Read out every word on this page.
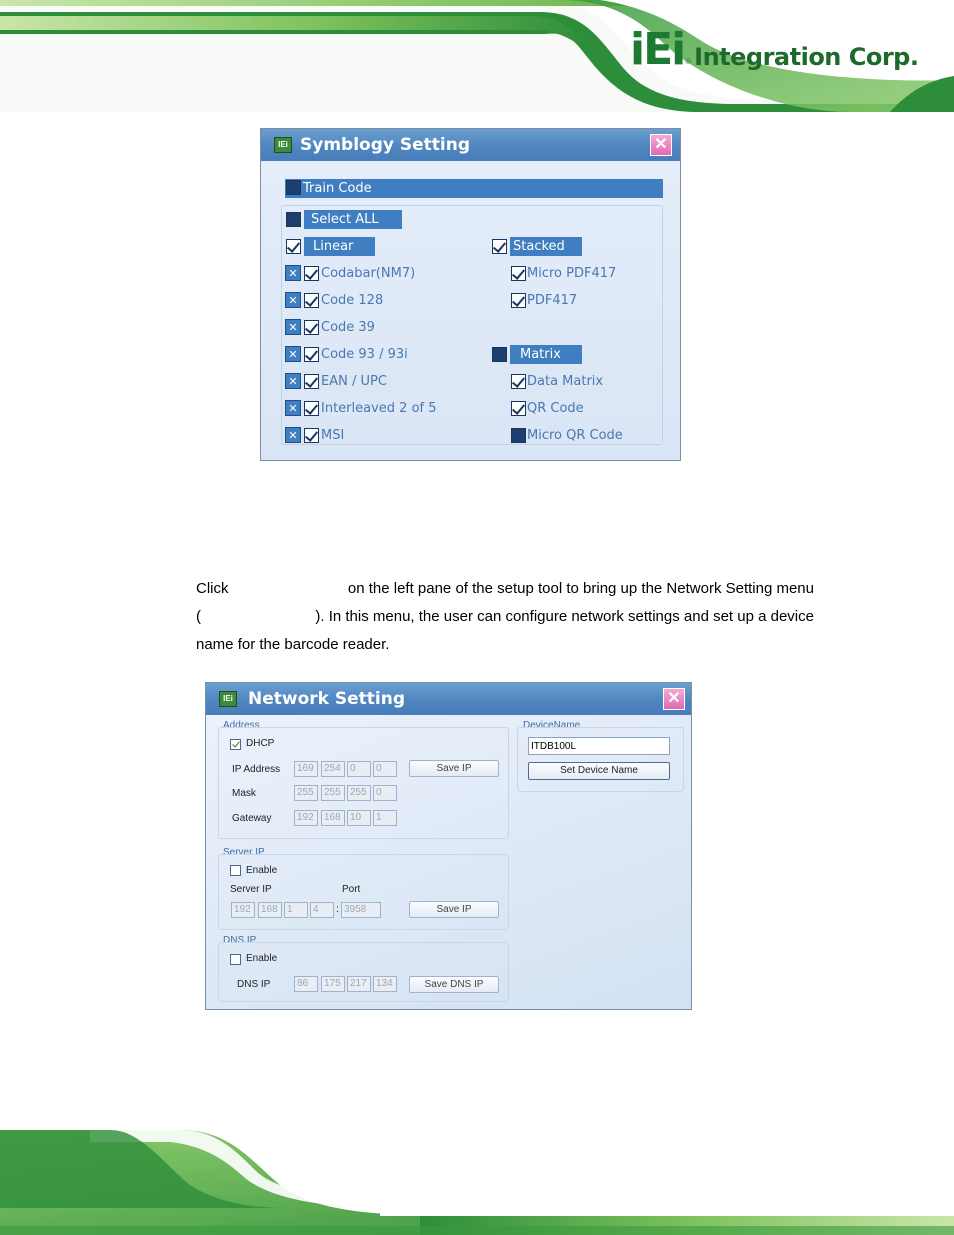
iEi ® Integration Corp.
IEi Symblogy Setting	✕
Train Code
Select ALL
Linear	Stacked
✕ Codabar(NM7)
✕ Code 128
✕ Code 39
✕ Code 93 / 93i
✕ EAN / UPC
✕ Interleaved 2 of 5
✕ MSI
Micro PDF417
PDF417
Matrix
Data Matrix
QR Code
Micro QR Code
Click	on the left pane of the setup tool to bring up the Network Setting menu
(	). In this menu, the user can configure network settings and set up a device
name for the barcode reader.
IEi Network Setting	✕
Address
DHCP
IP Address	169	254 0	0	Save IP
Mask	255	255 255 0
Gateway	192	168 10	1
DeviceName
ITDB100L
Set Device Name
Server IP
Enable
Server IP	Port
192	168 1	4	: 3958	Save IP
DNS IP
Enable
DNS IP	86	175 217 134	Save DNS IP
